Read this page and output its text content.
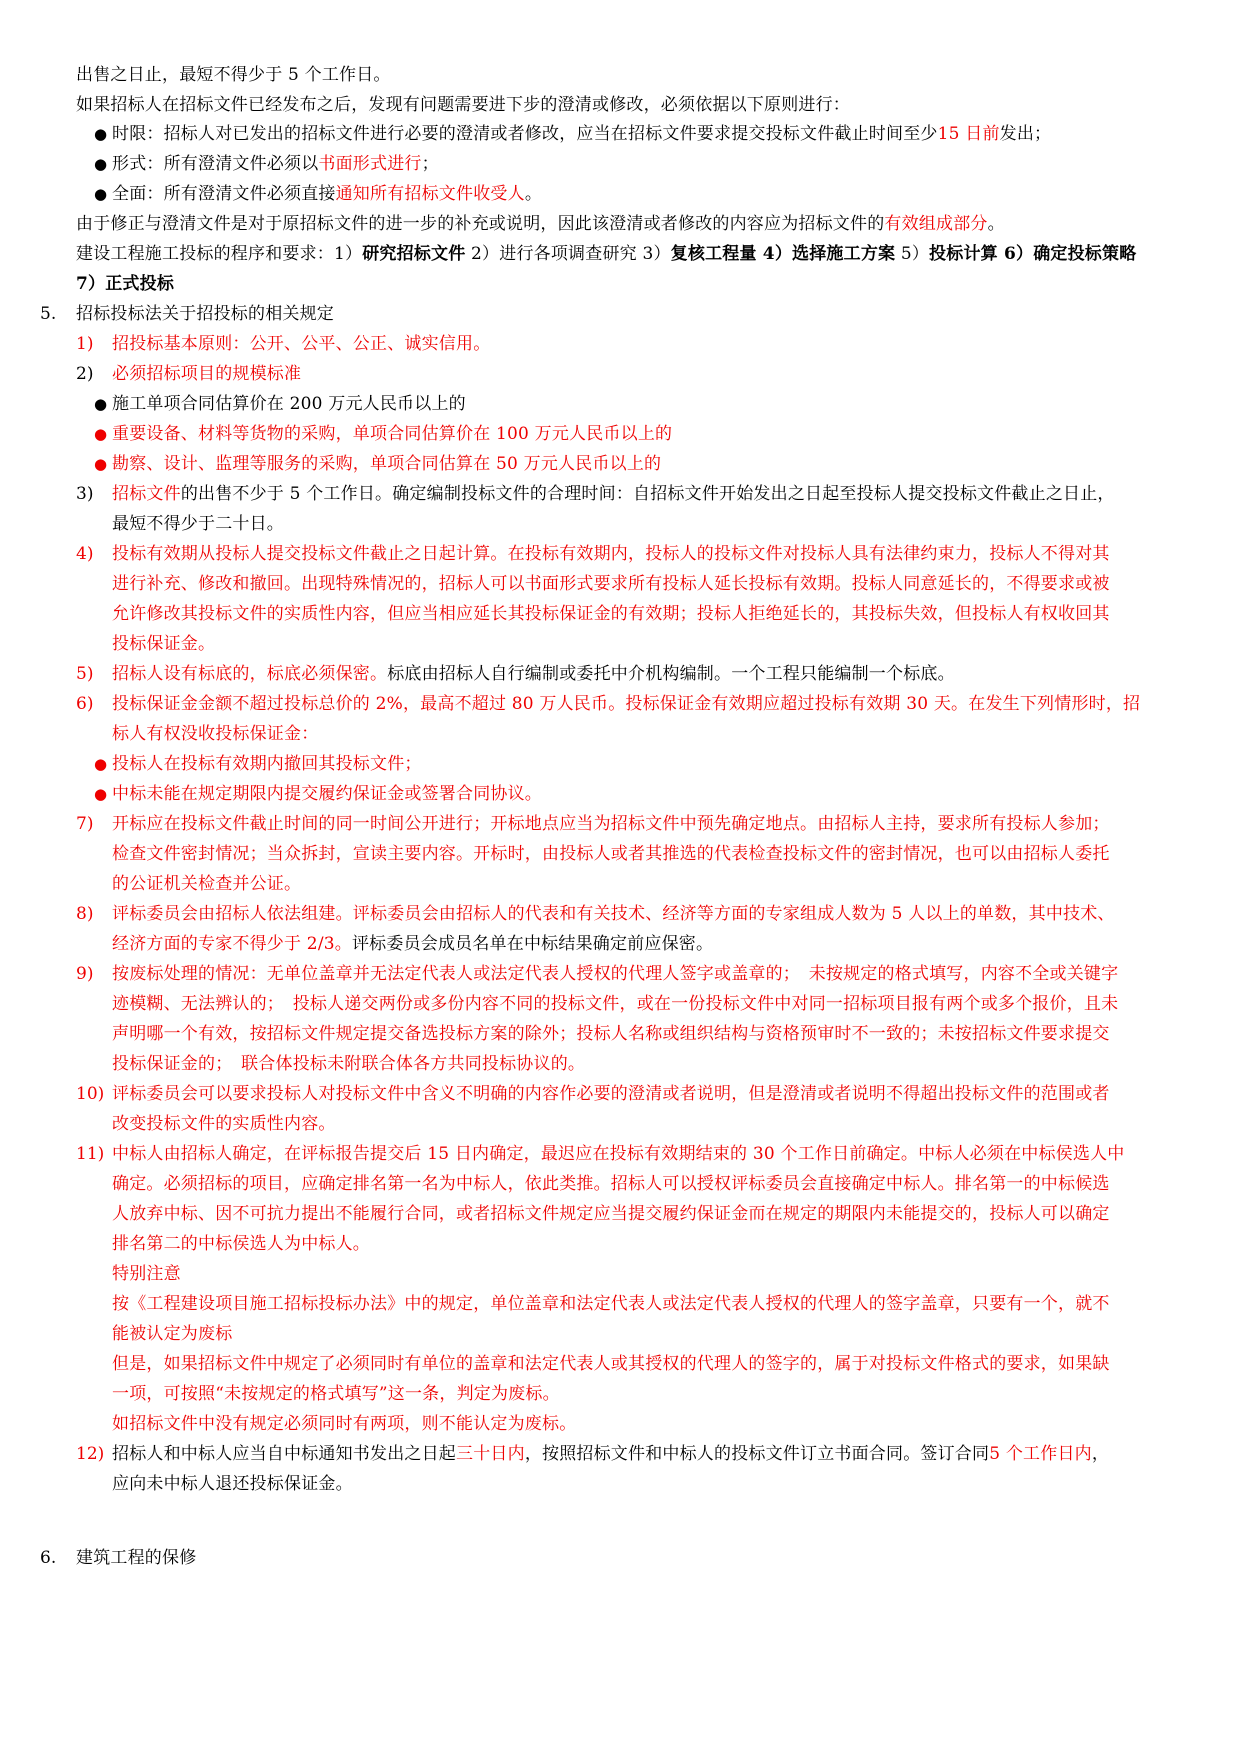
出售之日止，最短不得少于 5 个工作日。
如果招标人在招标文件已经发布之后，发现有问题需要进下步的澄清或修改，必须依据以下原则进行：
● 时限：招标人对已发出的招标文件进行必要的澄清或者修改，应当在招标文件要求提交投标文件截止时间至少15 日前发出；
● 形式：所有澄清文件必须以书面形式进行；
● 全面：所有澄清文件必须直接通知所有招标文件收受人。
由于修正与澄清文件是对于原招标文件的进一步的补充或说明，因此该澄清或者修改的内容应为招标文件的有效组成部分。
建设工程施工投标的程序和要求：1）研究招标文件 2）进行各项调查研究 3）复核工程量 4）选择施工方案 5）投标计算 6）确定投标策略
7）正式投标
5. 招标投标法关于招投标的相关规定
1) 招投标基本原则：公开、公平、公正、诚实信用。
2) 必须招标项目的规模标准
● 施工单项合同估算价在 200 万元人民币以上的
● 重要设备、材料等货物的采购，单项合同估算价在 100 万元人民币以上的
● 勘察、设计、监理等服务的采购，单项合同估算在 50 万元人民币以上的
3) 招标文件的出售不少于 5 个工作日。确定编制投标文件的合理时间：自招标文件开始发出之日起至投标人提交投标文件截止之日止，
最短不得少于二十日。
4) 投标有效期从投标人提交投标文件截止之日起计算。在投标有效期内，投标人的投标文件对投标人具有法律约束力，投标人不得对其
进行补充、修改和撤回。出现特殊情况的，招标人可以书面形式要求所有投标人延长投标有效期。投标人同意延长的，不得要求或被
允许修改其投标文件的实质性内容，但应当相应延长其投标保证金的有效期；投标人拒绝延长的，其投标失效，但投标人有权收回其
投标保证金。
5) 招标人设有标底的，标底必须保密。标底由招标人自行编制或委托中介机构编制。一个工程只能编制一个标底。
6) 投标保证金金额不超过投标总价的 2%，最高不超过 80 万人民币。投标保证金有效期应超过投标有效期 30 天。在发生下列情形时，招
标人有权没收投标保证金：
● 投标人在投标有效期内撤回其投标文件；
● 中标未能在规定期限内提交履约保证金或签署合同协议。
7) 开标应在投标文件截止时间的同一时间公开进行；开标地点应当为招标文件中预先确定地点。由招标人主持，要求所有投标人参加；
检查文件密封情况；当众拆封，宣读主要内容。开标时，由投标人或者其推选的代表检查投标文件的密封情况，也可以由招标人委托
的公证机关检查并公证。
8) 评标委员会由招标人依法组建。评标委员会由招标人的代表和有关技术、经济等方面的专家组成人数为 5 人以上的单数，其中技术、
经济方面的专家不得少于 2/3。评标委员会成员名单在中标结果确定前应保密。
9) 按废标处理的情况：无单位盖章并无法定代表人或法定代表人授权的代理人签字或盖章的；　未按规定的格式填写，内容不全或关键字
迹模糊、无法辨认的；　投标人递交两份或多份内容不同的投标文件，或在一份投标文件中对同一招标项目报有两个或多个报价，且未
声明哪一个有效，按招标文件规定提交备选投标方案的除外；投标人名称或组织结构与资格预审时不一致的；未按招标文件要求提交
投标保证金的；　联合体投标未附联合体各方共同投标协议的。
10) 评标委员会可以要求投标人对投标文件中含义不明确的内容作必要的澄清或者说明，但是澄清或者说明不得超出投标文件的范围或者
改变投标文件的实质性内容。
11) 中标人由招标人确定，在评标报告提交后 15 日内确定，最迟应在投标有效期结束的 30 个工作日前确定。中标人必须在中标侯选人中
确定。必须招标的项目，应确定排名第一名为中标人，依此类推。招标人可以授权评标委员会直接确定中标人。排名第一的中标候选
人放弃中标、因不可抗力提出不能履行合同，或者招标文件规定应当提交履约保证金而在规定的期限内未能提交的，投标人可以确定
排名第二的中标侯选人为中标人。
特别注意
按《工程建设项目施工招标投标办法》中的规定，单位盖章和法定代表人或法定代表人授权的代理人的签字盖章，只要有一个，就不
能被认定为废标
但是，如果招标文件中规定了必须同时有单位的盖章和法定代表人或其授权的代理人的签字的，属于对投标文件格式的要求，如果缺
一项，可按照“未按规定的格式填写”这一条，判定为废标。
如招标文件中没有规定必须同时有两项，则不能认定为废标。
12) 招标人和中标人应当自中标通知书发出之日起三十日内，按照招标文件和中标人的投标文件订立书面合同。签订合同5 个工作日内，
应向未中标人退还投标保证金。
6. 建筑工程的保修
